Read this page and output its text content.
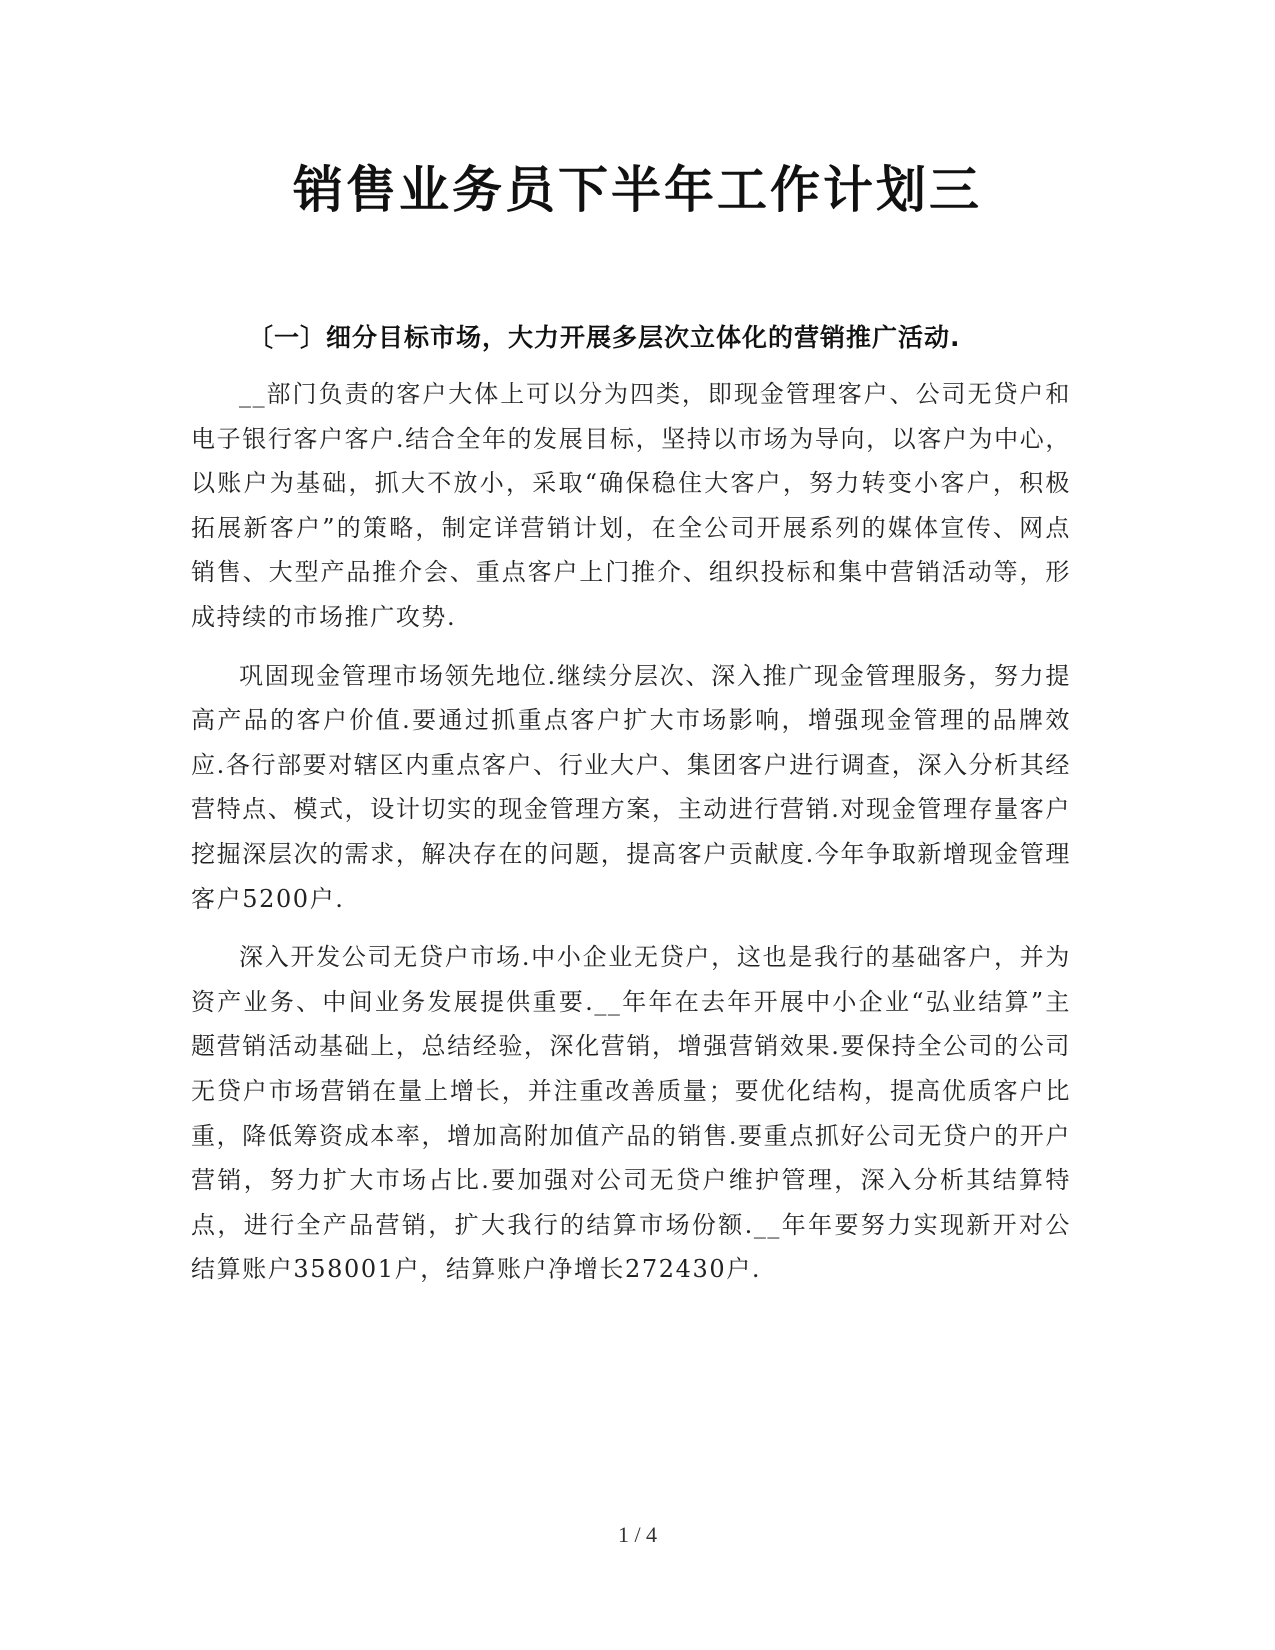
销售业务员下半年工作计划三
〔一〕细分目标市场，大力开展多层次立体化的营销推广活动.

__部门负责的客户大体上可以分为四类，即现金管理客户、公司无贷户和电子银行客户客户.结合全年的发展目标，坚持以市场为导向，以客户为中心，以账户为基础，抓大不放小，采取“确保稳住大客户，努力转变小客户，积极拓展新客户”的策略，制定详营销计划，在全公司开展系列的媒体宣传、网点销售、大型产品推介会、重点客户上门推介、组织投标和集中营销活动等，形成持续的市场推广攻势.

巩固现金管理市场领先地位.继续分层次、深入推广现金管理服务，努力提高产品的客户价值.要通过抓重点客户扩大市场影响，增强现金管理的品牌效应.各行部要对辖区内重点客户、行业大户、集团客户进行调查，深入分析其经营特点、模式，设计切实的现金管理方案，主动进行营销.对现金管理存量客户挖掘深层次的需求，解决存在的问题，提高客户贡献度.今年争取新增现金管理客户5200户.

深入开发公司无贷户市场.中小企业无贷户，这也是我行的基础客户，并为资产业务、中间业务发展提供重要.__年年在去年开展中小企业“弘业结算”主题营销活动基础上，总结经验，深化营销，增强营销效果.要保持全公司的公司无贷户市场营销在量上增长，并注重改善质量；要优化结构，提高优质客户比重，降低筹资成本率，增加高附加值产品的销售.要重点抓好公司无贷户的开户营销，努力扩大市场占比.要加强对公司无贷户维护管理，深入分析其结算特点，进行全产品营销，扩大我行的结算市场份额.__年年要努力实现新开对公结算账户358001户，结算账户净增长272430户.

1 / 4
